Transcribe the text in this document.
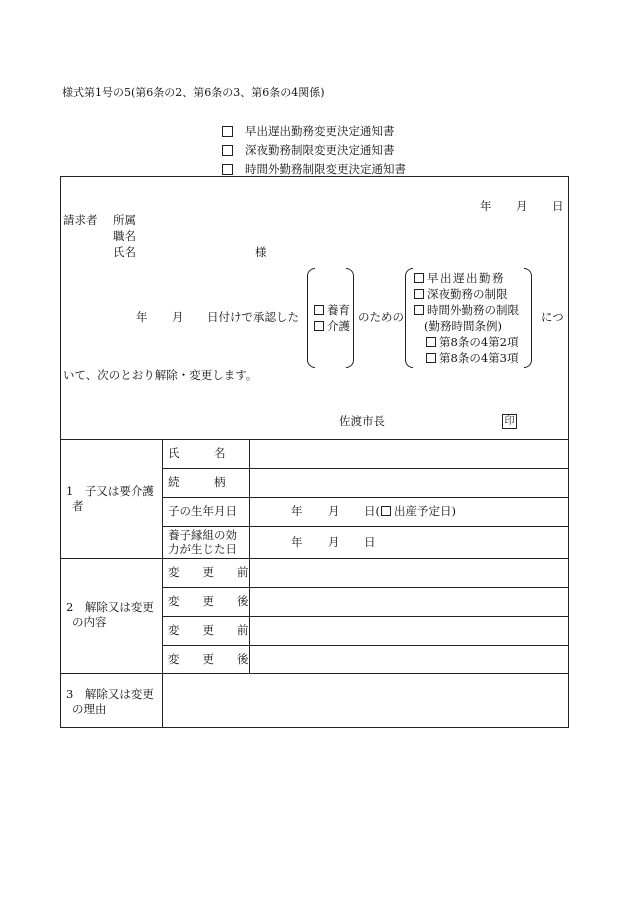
様式第1号の5(第6条の2、第6条の3、第6条の4関係)
早出遅出勤務変更決定通知書
深夜勤務制限変更決定通知書
時間外勤務制限変更決定通知書
年 月 日
請求者 所属
職名
氏名	様
年 月 日付けで承認した	養育
介護
のための
早出遅出勤務
深夜勤務の制限
時間外勤務の制限
(勤務時間条例)
第8条の4第2項
第8条の4第3項
につ
いて、次のとおり解除・変更します。
佐渡市長	印
1　子又は要介護
者
氏　　　名
続　　　柄
子の生年月日	年 月 日(	出産予定日)
養子縁組の効
力が生じた日	年 月 日
2　解除又は変更
の内容
変　　更　　前
変　　更　　後
変　　更　　前
変　　更　　後
3　解除又は変更
の理由
